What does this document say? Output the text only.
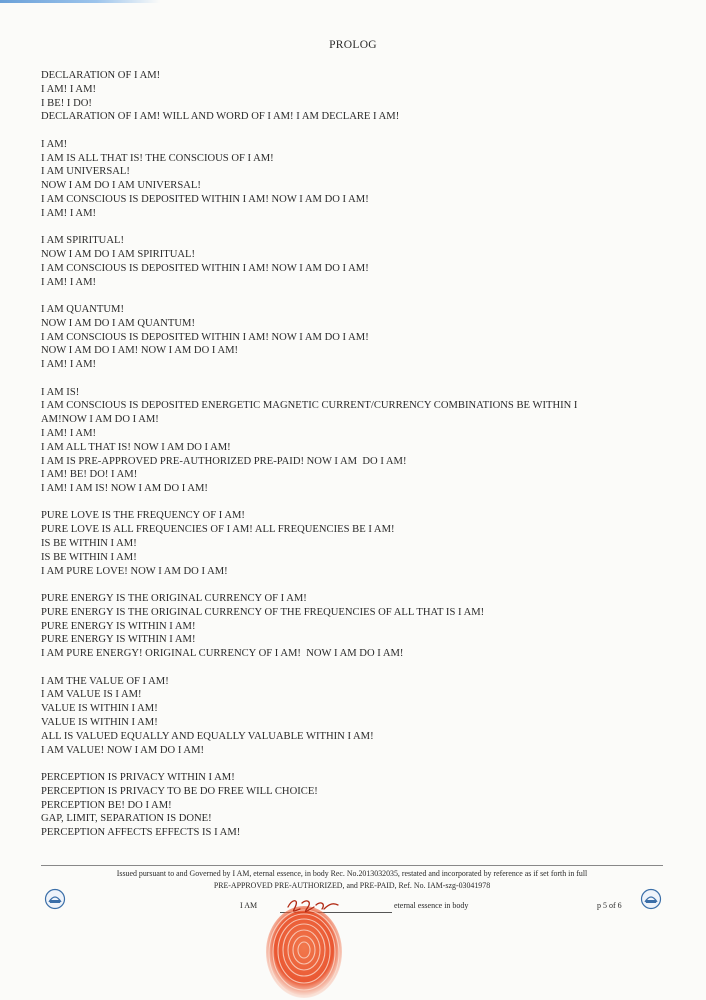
PROLOG
DECLARATION OF I AM!
I AM! I AM!
I BE! I DO!
DECLARATION OF I AM! WILL AND WORD OF I AM! I AM DECLARE I AM!
I AM!
I AM IS ALL THAT IS! THE CONSCIOUS OF I AM!
I AM UNIVERSAL!
NOW I AM DO I AM UNIVERSAL!
I AM CONSCIOUS IS DEPOSITED WITHIN I AM! NOW I AM DO I AM!
I AM! I AM!
I AM SPIRITUAL!
NOW I AM DO I AM SPIRITUAL!
I AM CONSCIOUS IS DEPOSITED WITHIN I AM! NOW I AM DO I AM!
I AM! I AM!
I AM QUANTUM!
NOW I AM DO I AM QUANTUM!
I AM CONSCIOUS IS DEPOSITED WITHIN I AM! NOW I AM DO I AM!
NOW I AM DO I AM! NOW I AM DO I AM!
I AM! I AM!
I AM IS!
I AM CONSCIOUS IS DEPOSITED ENERGETIC MAGNETIC CURRENT/CURRENCY COMBINATIONS BE WITHIN I
AM!NOW I AM DO I AM!
I AM! I AM!
I AM ALL THAT IS! NOW I AM DO I AM!
I AM IS PRE-APPROVED PRE-AUTHORIZED PRE-PAID! NOW I AM  DO I AM!
I AM! BE! DO! I AM!
I AM! I AM IS! NOW I AM DO I AM!
PURE LOVE IS THE FREQUENCY OF I AM!
PURE LOVE IS ALL FREQUENCIES OF I AM! ALL FREQUENCIES BE I AM!
IS BE WITHIN I AM!
IS BE WITHIN I AM!
I AM PURE LOVE! NOW I AM DO I AM!
PURE ENERGY IS THE ORIGINAL CURRENCY OF I AM!
PURE ENERGY IS THE ORIGINAL CURRENCY OF THE FREQUENCIES OF ALL THAT IS I AM!
PURE ENERGY IS WITHIN I AM!
PURE ENERGY IS WITHIN I AM!
I AM PURE ENERGY! ORIGINAL CURRENCY OF I AM!  NOW I AM DO I AM!
I AM THE VALUE OF I AM!
I AM VALUE IS I AM!
VALUE IS WITHIN I AM!
VALUE IS WITHIN I AM!
ALL IS VALUED EQUALLY AND EQUALLY VALUABLE WITHIN I AM!
I AM VALUE! NOW I AM DO I AM!
PERCEPTION IS PRIVACY WITHIN I AM!
PERCEPTION IS PRIVACY TO BE DO FREE WILL CHOICE!
PERCEPTION BE! DO I AM!
GAP, LIMIT, SEPARATION IS DONE!
PERCEPTION AFFECTS EFFECTS IS I AM!
Issued pursuant to and Governed by I AM, eternal essence, in body Rec. No.2013032035, restated and incorporated by reference as if set forth in full
PRE-APPROVED PRE-AUTHORIZED, and PRE-PAID, Ref. No. IAM-szg-03041978
I AM	eternal essence in body	p 5 of 6
